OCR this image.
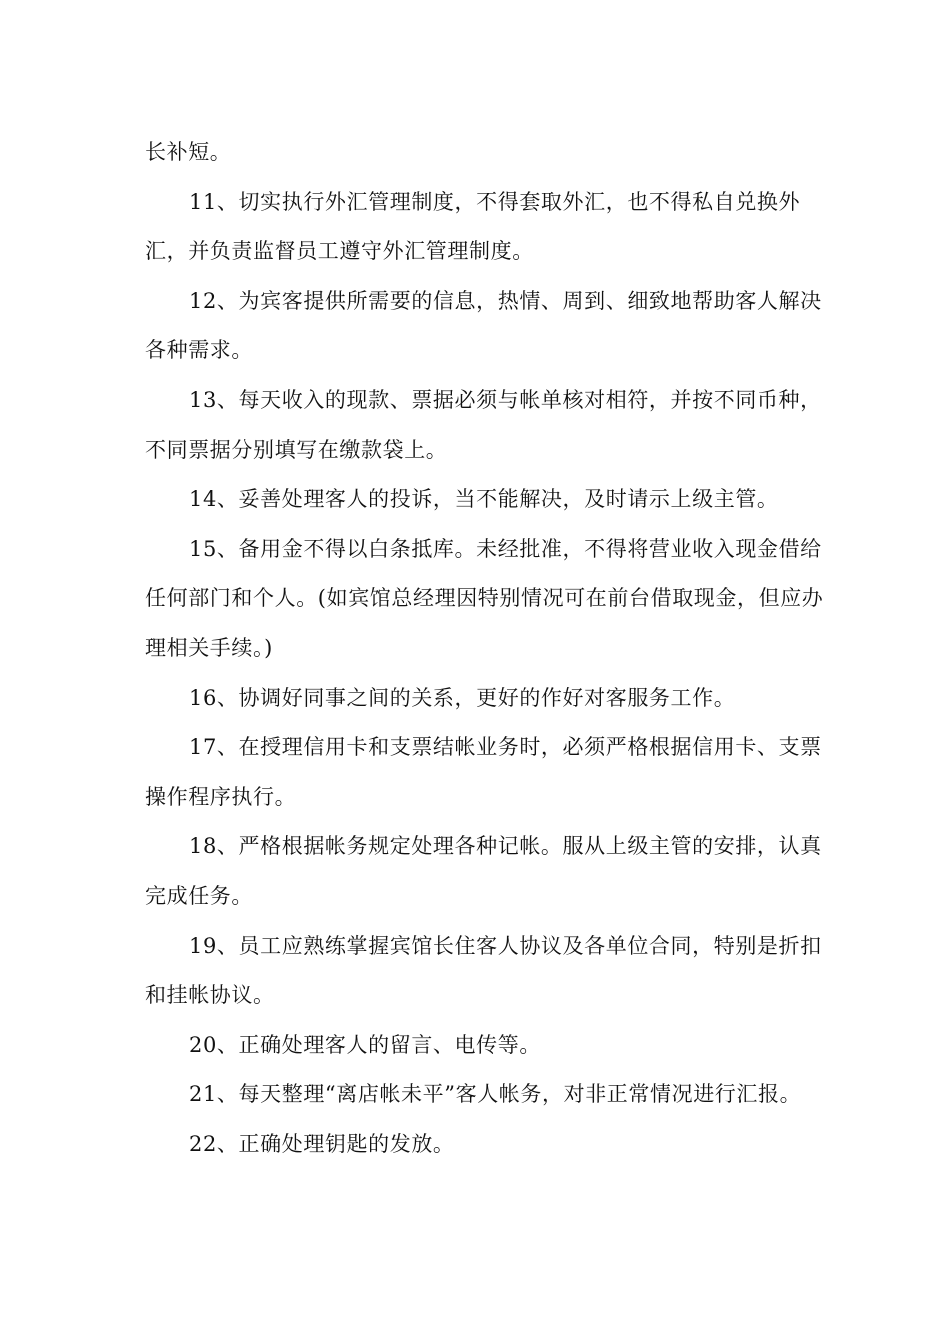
长补短。

11、切实执行外汇管理制度，不得套取外汇，也不得私自兑换外汇，并负责监督员工遵守外汇管理制度。

12、为宾客提供所需要的信息，热情、周到、细致地帮助客人解决各种需求。

13、每天收入的现款、票据必须与帐单核对相符，并按不同币种，不同票据分别填写在缴款袋上。

14、妥善处理客人的投诉，当不能解决，及时请示上级主管。

15、备用金不得以白条抵库。未经批准，不得将营业收入现金借给任何部门和个人。(如宾馆总经理因特别情况可在前台借取现金，但应办理相关手续。)

16、协调好同事之间的关系，更好的作好对客服务工作。

17、在授理信用卡和支票结帐业务时，必须严格根据信用卡、支票操作程序执行。

18、严格根据帐务规定处理各种记帐。服从上级主管的安排，认真完成任务。

19、员工应熟练掌握宾馆长住客人协议及各单位合同，特别是折扣和挂帐协议。

20、正确处理客人的留言、电传等。

21、每天整理“离店帐未平”客人帐务，对非正常情况进行汇报。

22、正确处理钥匙的发放。
